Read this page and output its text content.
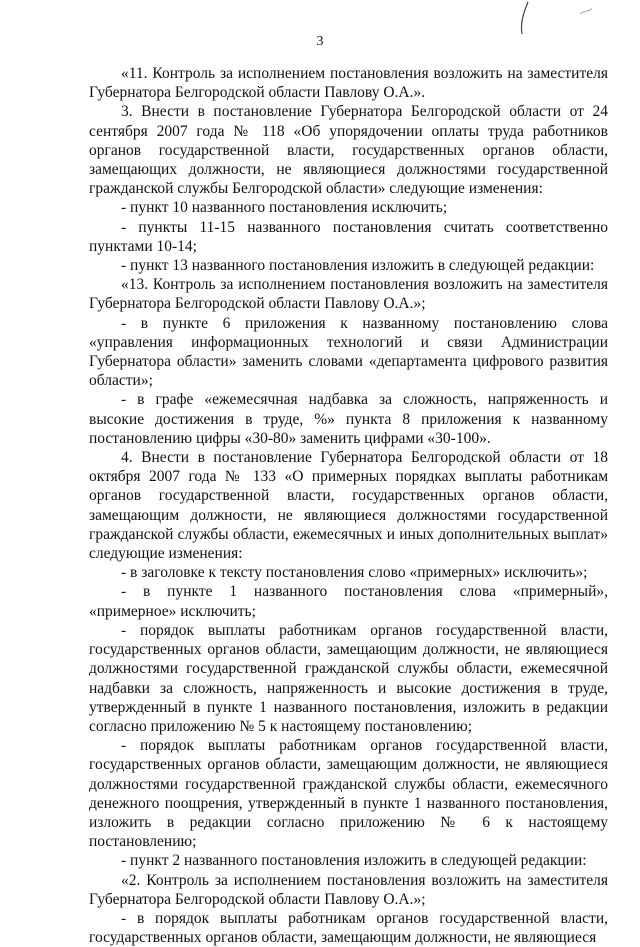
3

«11. Контроль за исполнением постановления возложить на заместителя Губернатора Белгородской области Павлову О.А.».

3. Внести в постановление Губернатора Белгородской области от 24 сентября 2007 года № 118 «Об упорядочении оплаты труда работников органов государственной власти, государственных органов области, замещающих должности, не являющиеся должностями государственной гражданской службы Белгородской области» следующие изменения:

- пункт 10 названного постановления исключить;

- пункты 11-15 названного постановления считать соответственно пунктами 10-14;

- пункт 13 названного постановления изложить в следующей редакции:

«13. Контроль за исполнением постановления возложить на заместителя Губернатора Белгородской области Павлову О.А.»;

- в пункте 6 приложения к названному постановлению слова «управления информационных технологий и связи Администрации Губернатора области» заменить словами «департамента цифрового развития области»;

- в графе «ежемесячная надбавка за сложность, напряженность и высокие достижения в труде, %» пункта 8 приложения к названному постановлению цифры «30-80» заменить цифрами «30-100».

4. Внести в постановление Губернатора Белгородской области от 18 октября 2007 года № 133 «О примерных порядках выплаты работникам органов государственной власти, государственных органов области, замещающим должности, не являющиеся должностями государственной гражданской службы области, ежемесячных и иных дополнительных выплат» следующие изменения:

- в заголовке к тексту постановления слово «примерных» исключить»;

- в пункте 1 названного постановления слова «примерный», «примерное» исключить;

- порядок выплаты работникам органов государственной власти, государственных органов области, замещающим должности, не являющиеся должностями государственной гражданской службы области, ежемесячной надбавки за сложность, напряженность и высокие достижения в труде, утвержденный в пункте 1 названного постановления, изложить в редакции согласно приложению № 5 к настоящему постановлению;

- порядок выплаты работникам органов государственной власти, государственных органов области, замещающим должности, не являющиеся должностями государственной гражданской службы области, ежемесячного денежного поощрения, утвержденный в пункте 1 названного постановления, изложить в редакции согласно приложению № 6 к настоящему постановлению;

- пункт 2 названного постановления изложить в следующей редакции:

«2. Контроль за исполнением постановления возложить на заместителя Губернатора Белгородской области Павлову О.А.»;

- в порядок выплаты работникам органов государственной власти, государственных органов области, замещающим должности, не являющиеся
